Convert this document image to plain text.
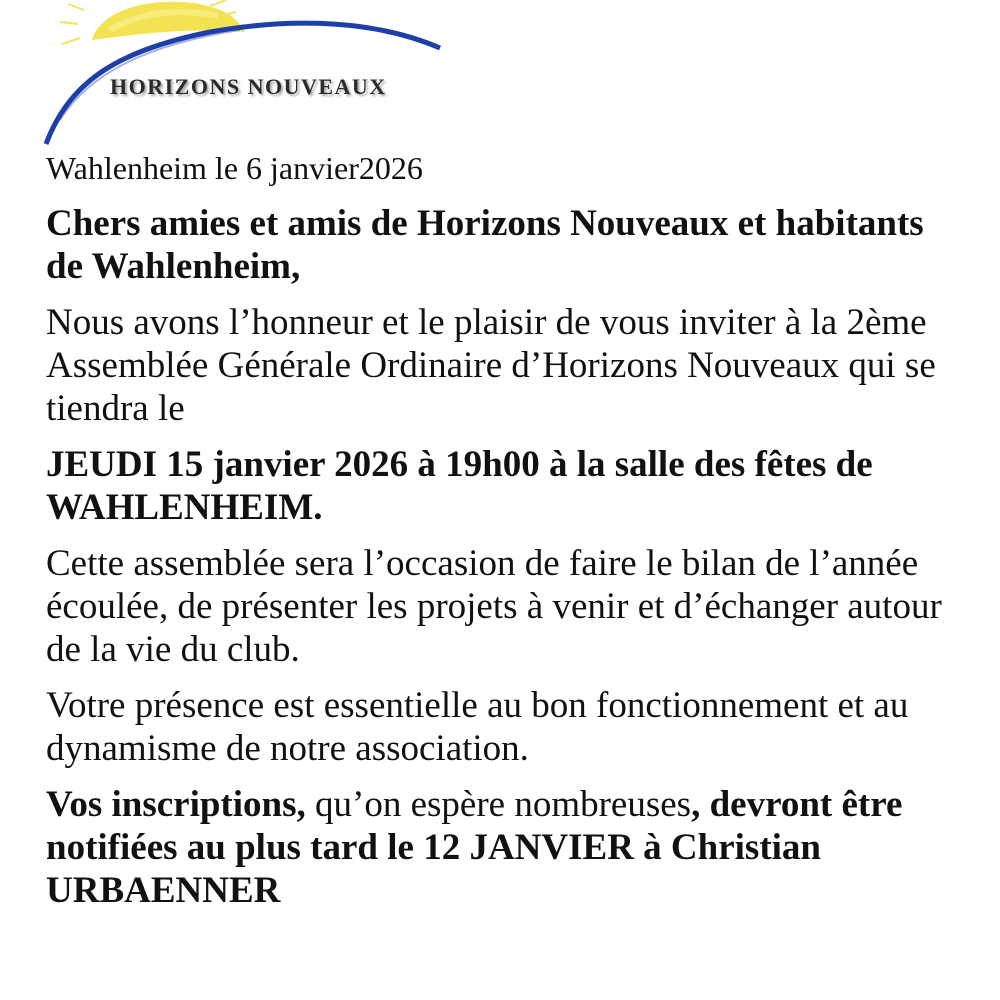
HORIZONS NOUVEAUX
Wahlenheim le 6 janvier2026
Chers amies et amis de Horizons Nouveaux et habitants de Wahlenheim,
Nous avons l’honneur et le plaisir de vous inviter à la 2ème Assemblée Générale Ordinaire d’Horizons Nouveaux qui se tiendra le
JEUDI 15 janvier 2026 à 19h00 à la salle des fêtes de WAHLENHEIM.
Cette assemblée sera l’occasion de faire le bilan de l’année écoulée, de présenter les projets à venir et d’échanger autour de la vie du club.
Votre présence est essentielle au bon fonctionnement et au dynamisme de notre association.
Vos inscriptions, qu’on espère nombreuses, devront être notifiées au plus tard le 12 JANVIER à Christian URBAENNER
